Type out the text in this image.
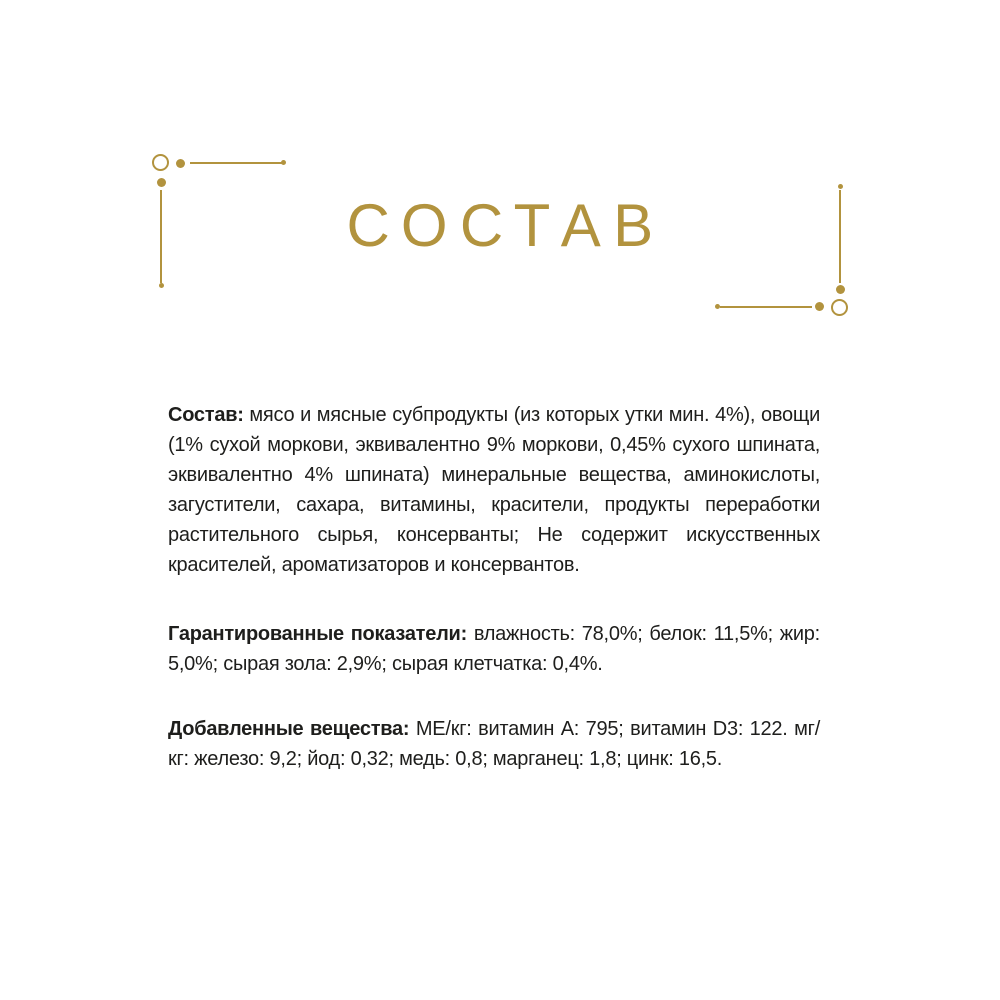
СОСТАВ

Состав: мясо и мясные субпродукты (из которых утки мин. 4%), овощи (1% сухой моркови, эквивалентно 9% моркови, 0,45% сухого шпината, эквивалентно 4% шпината) минеральные вещества, аминокислоты, загустители, сахара, витамины, красители, продукты переработки растительного сырья, консерванты; Не содержит искусственных красителей, ароматизаторов и консервантов.

Гарантированные показатели: влажность: 78,0%; белок: 11,5%; жир: 5,0%; сырая зола: 2,9%; сырая клетчатка: 0,4%.

Добавленные вещества: МЕ/кг: витамин А: 795; витамин D3: 122. мг/кг: железо: 9,2; йод: 0,32; медь: 0,8; марганец: 1,8; цинк: 16,5.
